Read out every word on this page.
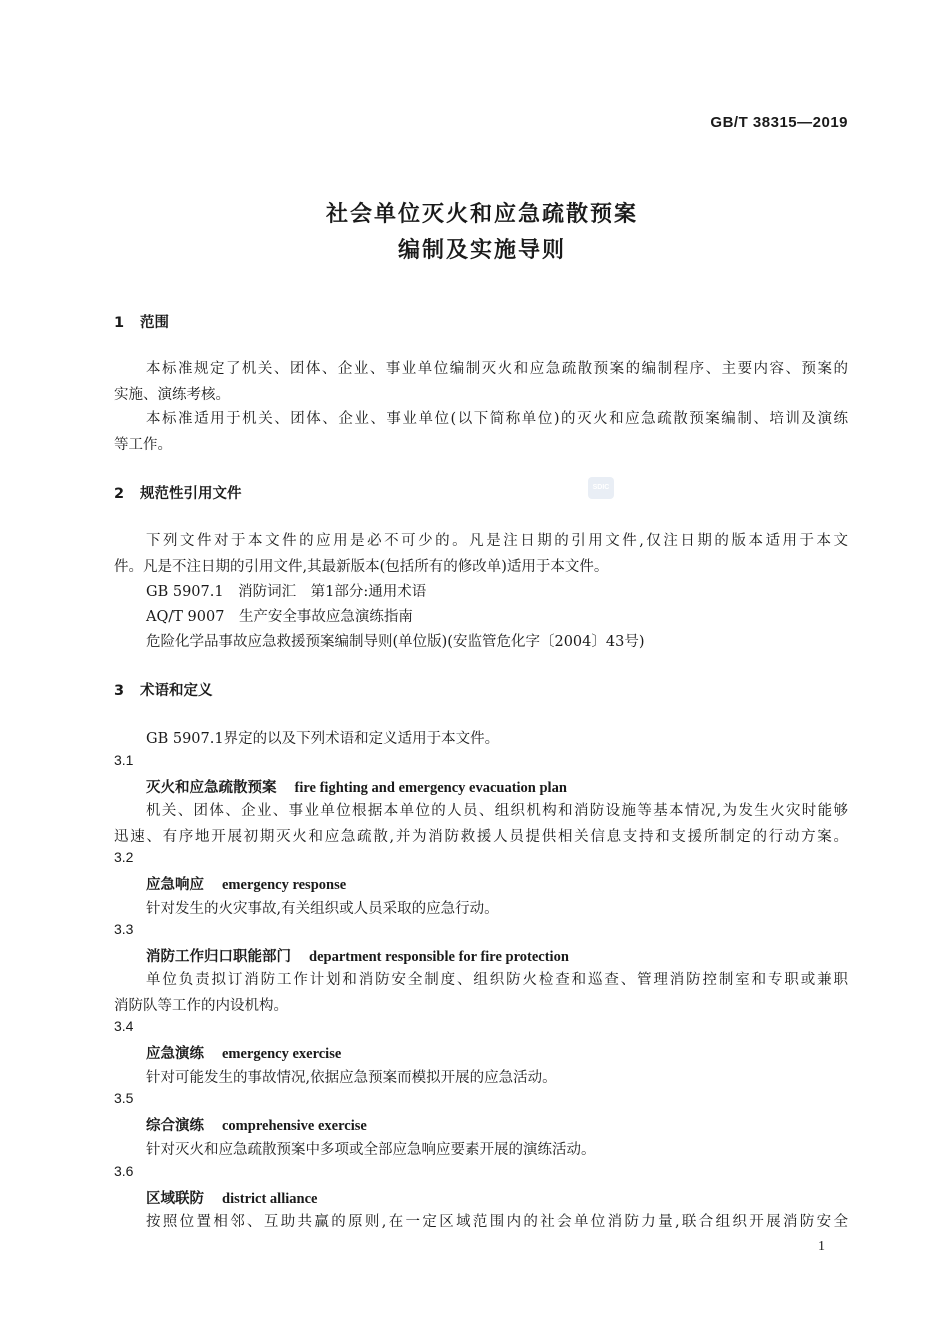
GB/T 38315—2019
社会单位灭火和应急疏散预案
编制及实施导则
1 范围
本标准规定了机关、团体、企业、事业单位编制灭火和应急疏散预案的编制程序、主要内容、预案的
实施、演练考核。
本标准适用于机关、团体、企业、事业单位(以下简称单位)的灭火和应急疏散预案编制、培训及演练
等工作。
SDIC
2 规范性引用文件
下列文件对于本文件的应用是必不可少的。凡是注日期的引用文件,仅注日期的版本适用于本文
件。凡是不注日期的引用文件,其最新版本(包括所有的修改单)适用于本文件。
GB 5907.1　 消防词汇　第1部分:通用术语
AQ/T 9007　 生产安全事故应急演练指南
危险化学品事故应急救援预案编制导则(单位版)(安监管危化字〔2004〕43号)
3 术语和定义
GB 5907.1界定的以及下列术语和定义适用于本文件。
3.1
灭火和应急疏散预案 fire fighting and emergency evacuation plan
机关、团体、企业、事业单位根据本单位的人员、组织机构和消防设施等基本情况,为发生火灾时能够
迅速、有序地开展初期灭火和应急疏散,并为消防救援人员提供相关信息支持和支援所制定的行动方案。
3.2
应急响应 emergency response
针对发生的火灾事故,有关组织或人员采取的应急行动。
3.3
消防工作归口职能部门 department responsible for fire protection
单位负责拟订消防工作计划和消防安全制度、组织防火检查和巡查、管理消防控制室和专职或兼职
消防队等工作的内设机构。
3.4
应急演练 emergency exercise
针对可能发生的事故情况,依据应急预案而模拟开展的应急活动。
3.5
综合演练 comprehensive exercise
针对灭火和应急疏散预案中多项或全部应急响应要素开展的演练活动。
3.6
区域联防 district alliance
按照位置相邻、互助共赢的原则,在一定区域范围内的社会单位消防力量,联合组织开展消防安全
1
